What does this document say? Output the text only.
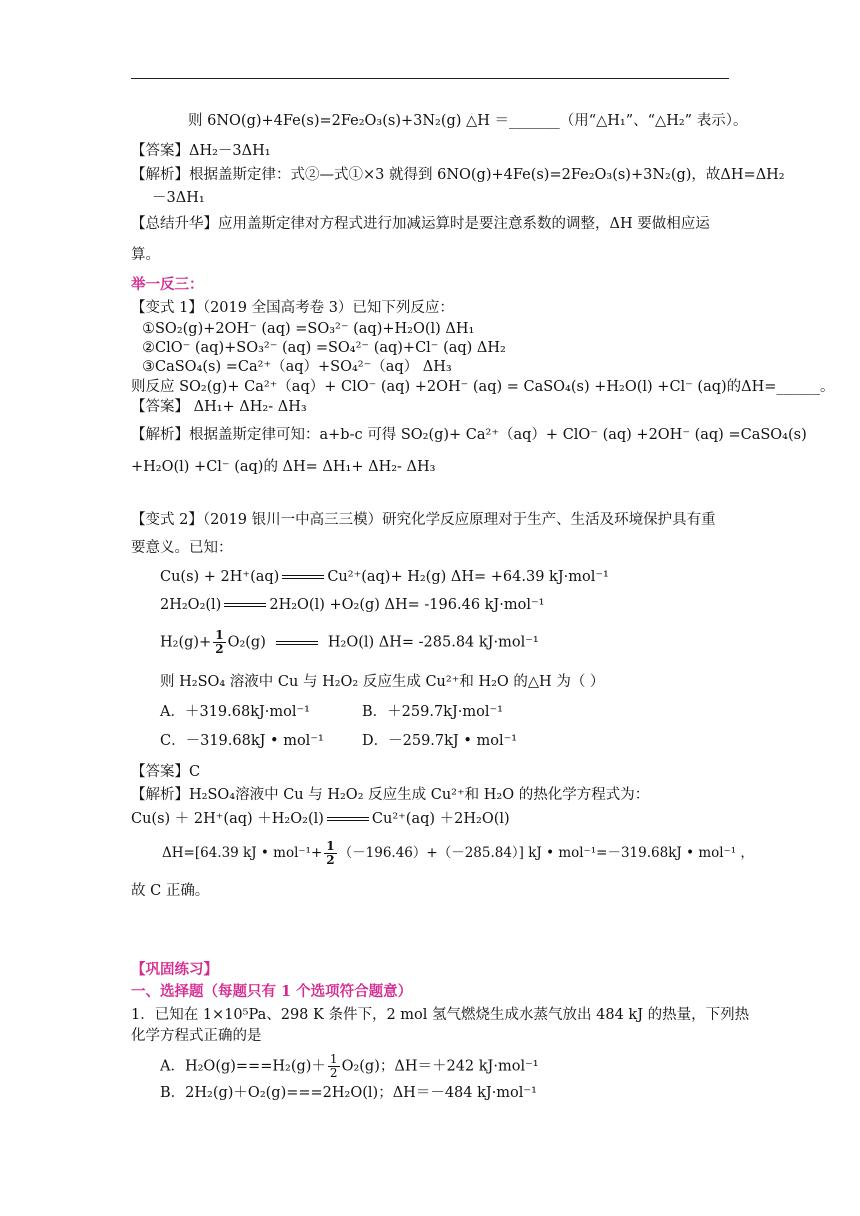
则 6NO(g)+4Fe(s)=2Fe₂O₃(s)+3N₂(g) △H ＝_______（用“△H₁”、“△H₂” 表示）。
【答案】ΔH₂－3ΔH₁
【解析】根据盖斯定律：式②—式①×3 就得到 6NO(g)+4Fe(s)=2Fe₂O₃(s)+3N₂(g)，故ΔH=ΔH₂
－3ΔH₁
【总结升华】应用盖斯定律对方程式进行加减运算时是要注意系数的调整，ΔH 要做相应运
算。
举一反三：
【变式 1】（2019 全国高考卷 3）已知下列反应：
①SO₂(g)+2OH⁻ (aq) =SO₃²⁻ (aq)+H₂O(l) ΔH₁
②ClO⁻ (aq)+SO₃²⁻ (aq) =SO₄²⁻ (aq)+Cl⁻ (aq) ΔH₂
③CaSO₄(s) =Ca²⁺（aq）+SO₄²⁻（aq） ΔH₃
则反应 SO₂(g)+ Ca²⁺（aq）+ ClO⁻ (aq) +2OH⁻ (aq) = CaSO₄(s) +H₂O(l) +Cl⁻ (aq)的ΔH=______。
【答案】 ΔH₁+ ΔH₂- ΔH₃
【解析】根据盖斯定律可知：a+b-c 可得 SO₂(g)+ Ca²⁺（aq）+ ClO⁻ (aq) +2OH⁻ (aq) =CaSO₄(s)
+H₂O(l) +Cl⁻ (aq)的 ΔH= ΔH₁+ ΔH₂- ΔH₃
【变式 2】（2019 银川一中高三三模）研究化学反应原理对于生产、生活及环境保护具有重
要意义。已知：
Cu(s) + 2H⁺(aq)	Cu²⁺(aq)+ H₂(g) ΔH= +64.39 kJ·mol⁻¹
2H₂O₂(l)	2H₂O(l) +O₂(g) ΔH= -196.46 kJ·mol⁻¹
$H_2(g)+ \frac{1}{2} O_2(g)$	H₂O(l) ΔH= -285.84 kJ·mol⁻¹
则 H₂SO₄ 溶液中 Cu 与 H₂O₂ 反应生成 Cu²⁺和 H₂O 的△H 为（ ）
A．＋319.68kJ·mol⁻¹	B．＋259.7kJ·mol⁻¹
C．－319.68kJ • mol⁻¹	D．－259.7kJ • mol⁻¹
【答案】C
【解析】H₂SO₄溶液中 Cu 与 H₂O₂ 反应生成 Cu²⁺和 H₂O 的热化学方程式为：
Cu(s) ＋ 2H⁺(aq) ＋H₂O₂(l)	Cu²⁺(aq) ＋2H₂O(l)
ΔH=[64.39 kJ • $mol^{-1}+ \frac{1}{2} (-196.46)+(-285.84)$] kJ • mol⁻¹=－319.68kJ • mol⁻¹ ，
故 C 正确。
【巩固练习】
一、选择题（每题只有 1 个选项符合题意）
1．已知在 1×10⁵Pa、298 K 条件下，2 mol 氢气燃烧生成水蒸气放出 484 kJ 的热量，下列热
化学方程式正确的是
A．$H_2O(g)===H_2(g)+ \frac{1}{2} O_2(g)$；ΔH＝＋242 kJ·mol⁻¹
B．2H₂(g)＋O₂(g)===2H₂O(l)；ΔH＝－484 kJ·mol⁻¹
